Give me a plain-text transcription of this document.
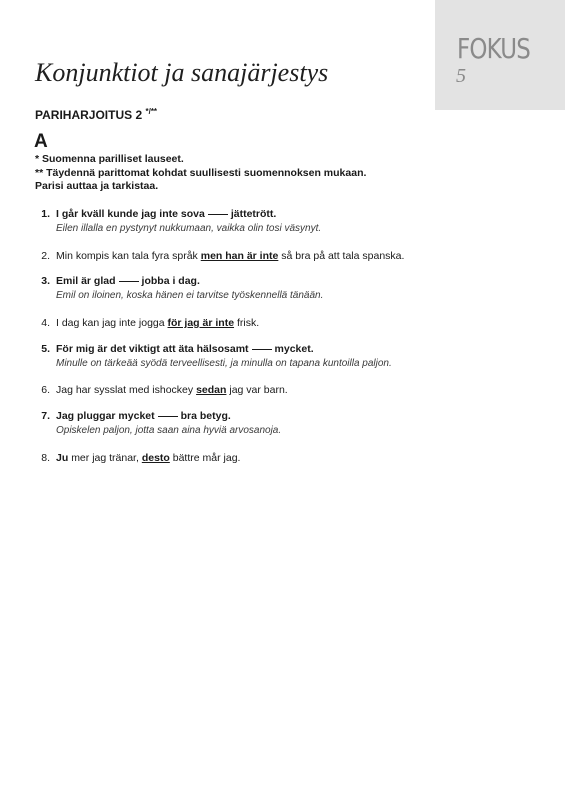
FOKUS
5
Konjunktiot ja sanajärjestys
PARIHARJOITUS 2 */**
A
* Suomenna parilliset lauseet.
** Täydennä parittomat kohdat suullisesti suomennoksen mukaan.
Parisi auttaa ja tarkistaa.
1. I går kväll kunde jag inte sova jättetrött.
Eilen illalla en pystynyt nukkumaan, vaikka olin tosi väsynyt.
2. Min kompis kan tala fyra språk men han är inte så bra på att tala spanska.
3. Emil är glad jobba i dag.
Emil on iloinen, koska hänen ei tarvitse työskennellä tänään.
4. I dag kan jag inte jogga för jag är inte frisk.
5. För mig är det viktigt att äta hälsosamt mycket.
Minulle on tärkeää syödä terveellisesti, ja minulla on tapana kuntoilla paljon.
6. Jag har sysslat med ishockey sedan jag var barn.
7. Jag pluggar mycket bra betyg.
Opiskelen paljon, jotta saan aina hyviä arvosanoja.
8. Ju mer jag tränar, desto bättre mår jag.
